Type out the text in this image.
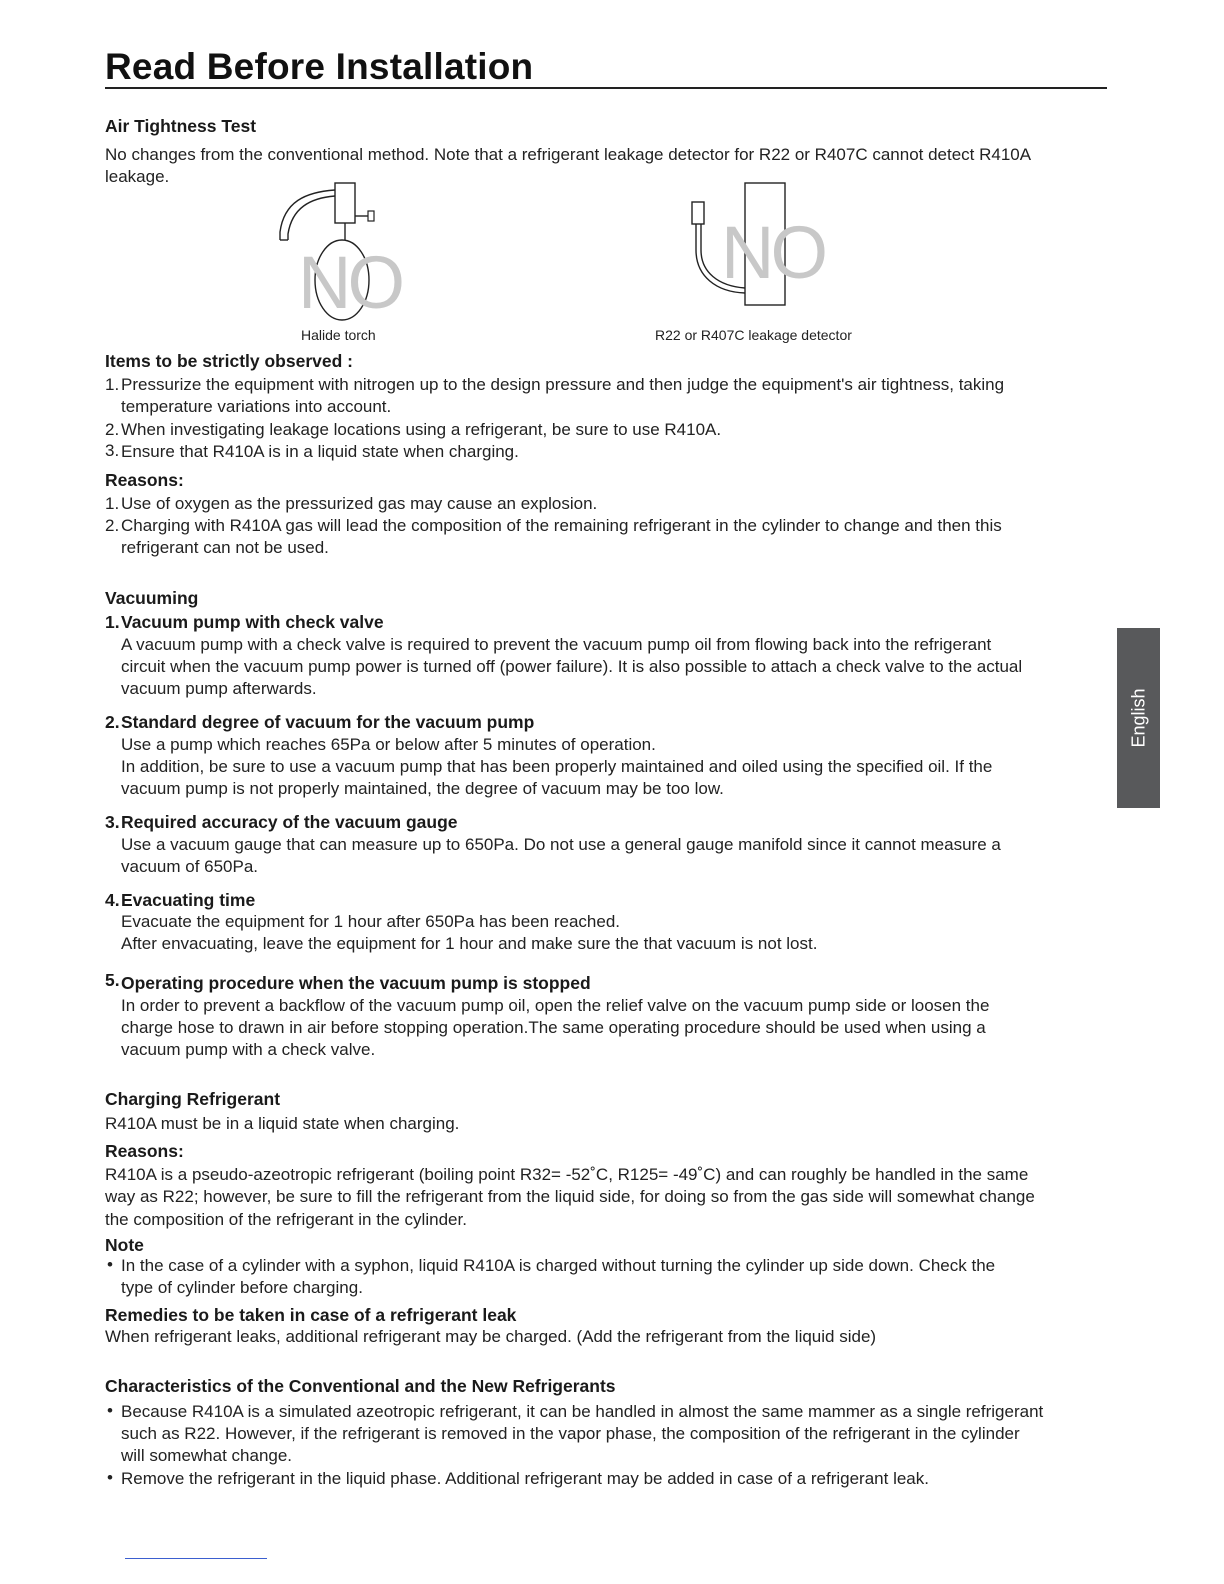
Read Before Installation
English
Air Tightness Test
No changes from the conventional method. Note that a refrigerant leakage detector for R22 or R407C cannot detect R410A
leakage.
NO
Halide torch
NO
R22 or R407C leakage detector
Items to be strictly observed :
1. Pressurize the equipment with nitrogen up to the design pressure and then judge the equipment's air tightness, taking
temperature variations into account.
2. When investigating leakage locations using a refrigerant, be sure to use R410A.
3. Ensure that R410A is in a liquid state when charging.
Reasons:
1. Use of oxygen as the pressurized gas may cause an explosion.
2. Charging with R410A gas will lead the composition of the remaining refrigerant in the cylinder to change and then this
refrigerant can not be used.
Vacuuming
1. Vacuum pump with check valve
A vacuum pump with a check valve is required to prevent the vacuum pump oil from flowing back into the refrigerant
circuit when the vacuum pump power is turned off (power failure). It is also possible to attach a check valve to the actual
vacuum pump afterwards.
2. Standard degree of vacuum for the vacuum pump
Use a pump which reaches 65Pa or below after 5 minutes of operation.
In addition, be sure to use a vacuum pump that has been properly maintained and oiled using the specified oil. If the
vacuum pump is not properly maintained, the degree of vacuum may be too low.
3. Required accuracy of the vacuum gauge
Use a vacuum gauge that can measure up to 650Pa. Do not use a general gauge manifold since it cannot measure a
vacuum of 650Pa.
4. Evacuating time
Evacuate the equipment for 1 hour after 650Pa has been reached.
After envacuating, leave the equipment for 1 hour and make sure the that vacuum is not lost.
5. Operating procedure when the vacuum pump is stopped
In order to prevent a backflow of the vacuum pump oil, open the relief valve on the vacuum pump side or loosen the
charge hose to drawn in air before stopping operation.The same operating procedure should be used when using a
vacuum pump with a check valve.
Charging Refrigerant
R410A must be in a liquid state when charging.
Reasons:
R410A is a pseudo-azeotropic refrigerant (boiling point R32= -52˚C, R125= -49˚C) and can roughly be handled in the same
way as R22; however, be sure to fill the refrigerant from the liquid side, for doing so from the gas side will somewhat change
the composition of the refrigerant in the cylinder.
Note
• In the case of a cylinder with a syphon, liquid R410A is charged without turning the cylinder up side down. Check the
type of cylinder before charging.
Remedies to be taken in case of a refrigerant leak
When refrigerant leaks, additional refrigerant may be charged. (Add the refrigerant from the liquid side)
Characteristics of the Conventional and the New Refrigerants
• Because R410A is a simulated azeotropic refrigerant, it can be handled in almost the same mammer as a single refrigerant
such as R22. However, if the refrigerant is removed in the vapor phase, the composition of the refrigerant in the cylinder
will somewhat change.
• Remove the refrigerant in the liquid phase. Additional refrigerant may be added in case of a refrigerant leak.
